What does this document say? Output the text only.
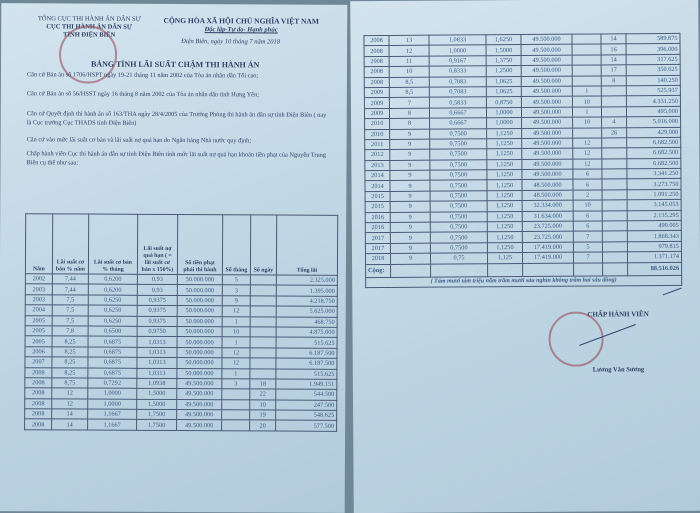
TỔNG CỤC THI HÀNH ÁN DÂN SỰ
CỤC THI HÀNH ÁN DÂN SỰ
TỈNH ĐIỆN BIÊN
CỘNG HÒA XÃ HỘI CHỦ NGHĨA VIỆT NAM
Độc lập-Tự do- Hạnh phúc
Điện Biên, ngày 10 tháng 7 năm 2018
BẢNG TÍNH LÃI SUẤT CHẬM THI HÀNH ÁN
Căn cứ Bản án số 1706/HSPT ngày 19-21 tháng 11 năm 2002 của Tòa án nhân dân Tối cao;
Căn cứ Bản án số 56/HSST ngày 16 tháng 8 năm 2002 của Tòa án nhân dân tỉnh Hưng Yên;
Căn cứ Quyết định thi hành án số 163/THA ngày 28/4/2005 của Trưởng Phòng thi hành án dân sự tỉnh Điện Biên ( nay là Cục trưởng Cục THADS tỉnh Điện Biên)
Căn cứ vào mức lãi suất cơ bản và lãi suất nợ quá hạn do Ngân hàng Nhà nước quy định;
Chấp hành viên Cục thi hành án dân sự tỉnh Điện Biên tính mức lãi suất nợ quá hạn khoản tiền phạt của Nguyễn Trung Biên cụ thể như sau:
Năm	Lãi suất cơ bản % năm	Lãi suất cơ bản % tháng	Lãi suất nợ quá hạn ( = lãi suất cơ bản x 150%)	Số tiền phạt phải thi hành	Số tháng	Số ngày	Tổng lãi
2002	7,44	0,6200	0,93	50.000.000	5		2.325.000
2003	7,44	0,6200	0,93	50.000.000	3		1.395.000
2003	7,5	0,6250	0,9375	50.000.000	9		4.218.750
2004	7,5	0,6250	0,9375	50.000.000	12		5.625.000
2005	7,5	0,6250	0,9375	50.000.000	1		468.750
2005	7,8	0,6500	0,9750	50.000.000	10		4.875.000
2005	8,25	0,6875	1,0313	50.000.000	1		515.625
2006	8,25	0,6875	1,0313	50.000.000	12		6.187.500
2007	8,25	0,6875	1,0313	50.000.000	12		6.187.500
2008	8,25	0,6875	1,0313	50.000.000	1		515.625
2008	8,75	0,7292	1,0938	49.500.000	3	18	1.949.151
2008	12	1,0000	1,5000	49.500.000		22	544.500
2008	12	1,0000	1,5000	49.500.000		10	247.500
2008	14	1,1667	1,7500	49.500.000		19	548.625
2008	14	1,1667	1,7500	49.500.000		20	577.500
2008	13	1,0833	1,6250	49.500.000		14	589.875
2008	12	1,0000	1,5000	49.500.000		16	396.000
2008	11	0,9167	1,3750	49.500.000		14	317.625
2008	10	0,8333	1,2500	49.500.000		17	350.625
2008	8,5	0,7083	1,0625	49.500.000		8	140.250
2009	8,5	0,7083	1,0625	49.500.000	1		525.937
2009	7	0,5833	0,8750	49.500.000	10		4.331.250
2009	8	0,6667	1,0000	49.500.000	1		495.000
2010	8	0,6667	1,0000	49.500.000	10	4	5.016.000
2010	9	0,7500	1,1250	49.500.000		26	429.000
2011	9	0,7500	1,1250	49.500.000	12		6.682.500
2012	9	0,7500	1,1250	49.500.000	12		6.682.500
2013	9	0,7500	1,1250	49.500.000	12		6.682.500
2014	9	0,7500	1,1250	49.500.000	6		3.341.250
2014	9	0,7500	1,1250	48.500.000	6		3.273.750
2015	9	0,7500	1,1250	48.500.000	2		1.091.250
2015	9	0,7500	1,1250	32.334.000	10		3.145.053
2016	9	0,7500	1,1250	31.634.000	6		2.135.295
2016	9	0,7500	1,1250	23.725.000	6		490.005
2017	9	0,7500	1,1250	23.725.000	7		1.868.343
2017	9	0,7500	1,1250	17.419.000	5		979.815
2018	9	0,75	1,125	17.419.000	7		1.371.174
Cộng:							88.516.026
( Tám mươi tám triệu năm trăm mười sáu nghìn không trăm hai sáu đồng)							
CHẤP HÀNH VIÊN
Lương Văn Sương
